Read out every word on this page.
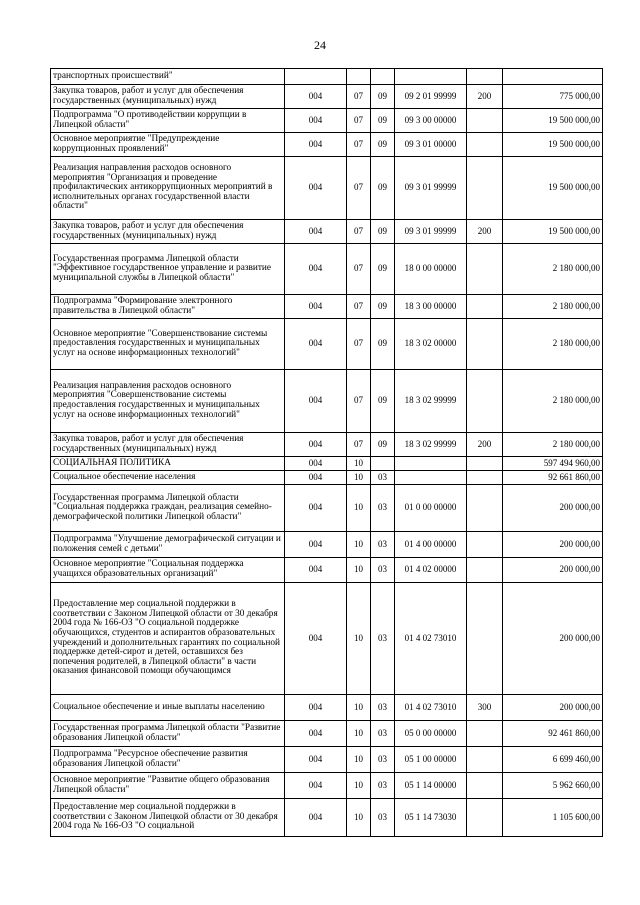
24
транспортных происшествий"						
Закупка товаров, работ и услуг для обеспечения государственных (муниципальных) нужд	004	07	09	09 2 01 99999	200	775 000,00
Подпрограмма "О противодействии коррупции в Липецкой области"	004	07	09	09 3 00 00000		19 500 000,00
Основное мероприятие "Предупреждение коррупционных проявлений"	004	07	09	09 3 01 00000		19 500 000,00
Реализация направления расходов основного мероприятия "Организация и проведение профилактических антикоррупционных мероприятий в исполнительных органах государственной власти области"	004	07	09	09 3 01 99999		19 500 000,00
Закупка товаров, работ и услуг для обеспечения государственных (муниципальных) нужд	004	07	09	09 3 01 99999	200	19 500 000,00
Государственная программа Липецкой области "Эффективное государственное управление и развитие муниципальной службы в Липецкой области"	004	07	09	18 0 00 00000		2 180 000,00
Подпрограмма "Формирование электронного правительства в Липецкой области"	004	07	09	18 3 00 00000		2 180 000,00
Основное мероприятие "Совершенствование системы предоставления государственных и муниципальных услуг на основе информационных технологий"	004	07	09	18 3 02 00000		2 180 000,00
Реализация направления расходов основного мероприятия "Совершенствование системы предоставления государственных и муниципальных услуг на основе информационных технологий"	004	07	09	18 3 02 99999		2 180 000,00
Закупка товаров, работ и услуг для обеспечения государственных (муниципальных) нужд	004	07	09	18 3 02 99999	200	2 180 000,00
СОЦИАЛЬНАЯ ПОЛИТИКА	004	10				597 494 960,00
Социальное обеспечение населения	004	10	03			92 661 860,00
Государственная программа Липецкой области "Социальная поддержка граждан, реализация семейно-демографической политики Липецкой области"	004	10	03	01 0 00 00000		200 000,00
Подпрограмма "Улучшение демографической ситуации и положения семей с детьми"	004	10	03	01 4 00 00000		200 000,00
Основное мероприятие "Социальная поддержка учащихся образовательных организаций"	004	10	03	01 4 02 00000		200 000,00
Предоставление мер социальной поддержки в соответствии с Законом Липецкой области от 30 декабря 2004 года № 166-ОЗ "О социальной поддержке обучающихся, студентов и аспирантов образовательных учреждений и дополнительных гарантиях по социальной поддержке детей-сирот и детей, оставшихся без попечения родителей, в Липецкой области" в части оказания финансовой помощи обучающимся	004	10	03	01 4 02 73010		200 000,00
Социальное обеспечение и иные выплаты населению	004	10	03	01 4 02 73010	300	200 000,00
Государственная программа Липецкой области "Развитие образования Липецкой области"	004	10	03	05 0 00 00000		92 461 860,00
Подпрограмма "Ресурсное обеспечение развития образования Липецкой области"	004	10	03	05 1 00 00000		6 699 460,00
Основное мероприятие "Развитие общего образования Липецкой области"	004	10	03	05 1 14 00000		5 962 660,00
Предоставление мер социальной поддержки в соответствии с Законом Липецкой области от 30 декабря 2004 года № 166-ОЗ "О социальной	004	10	03	05 1 14 73030		1 105 600,00
